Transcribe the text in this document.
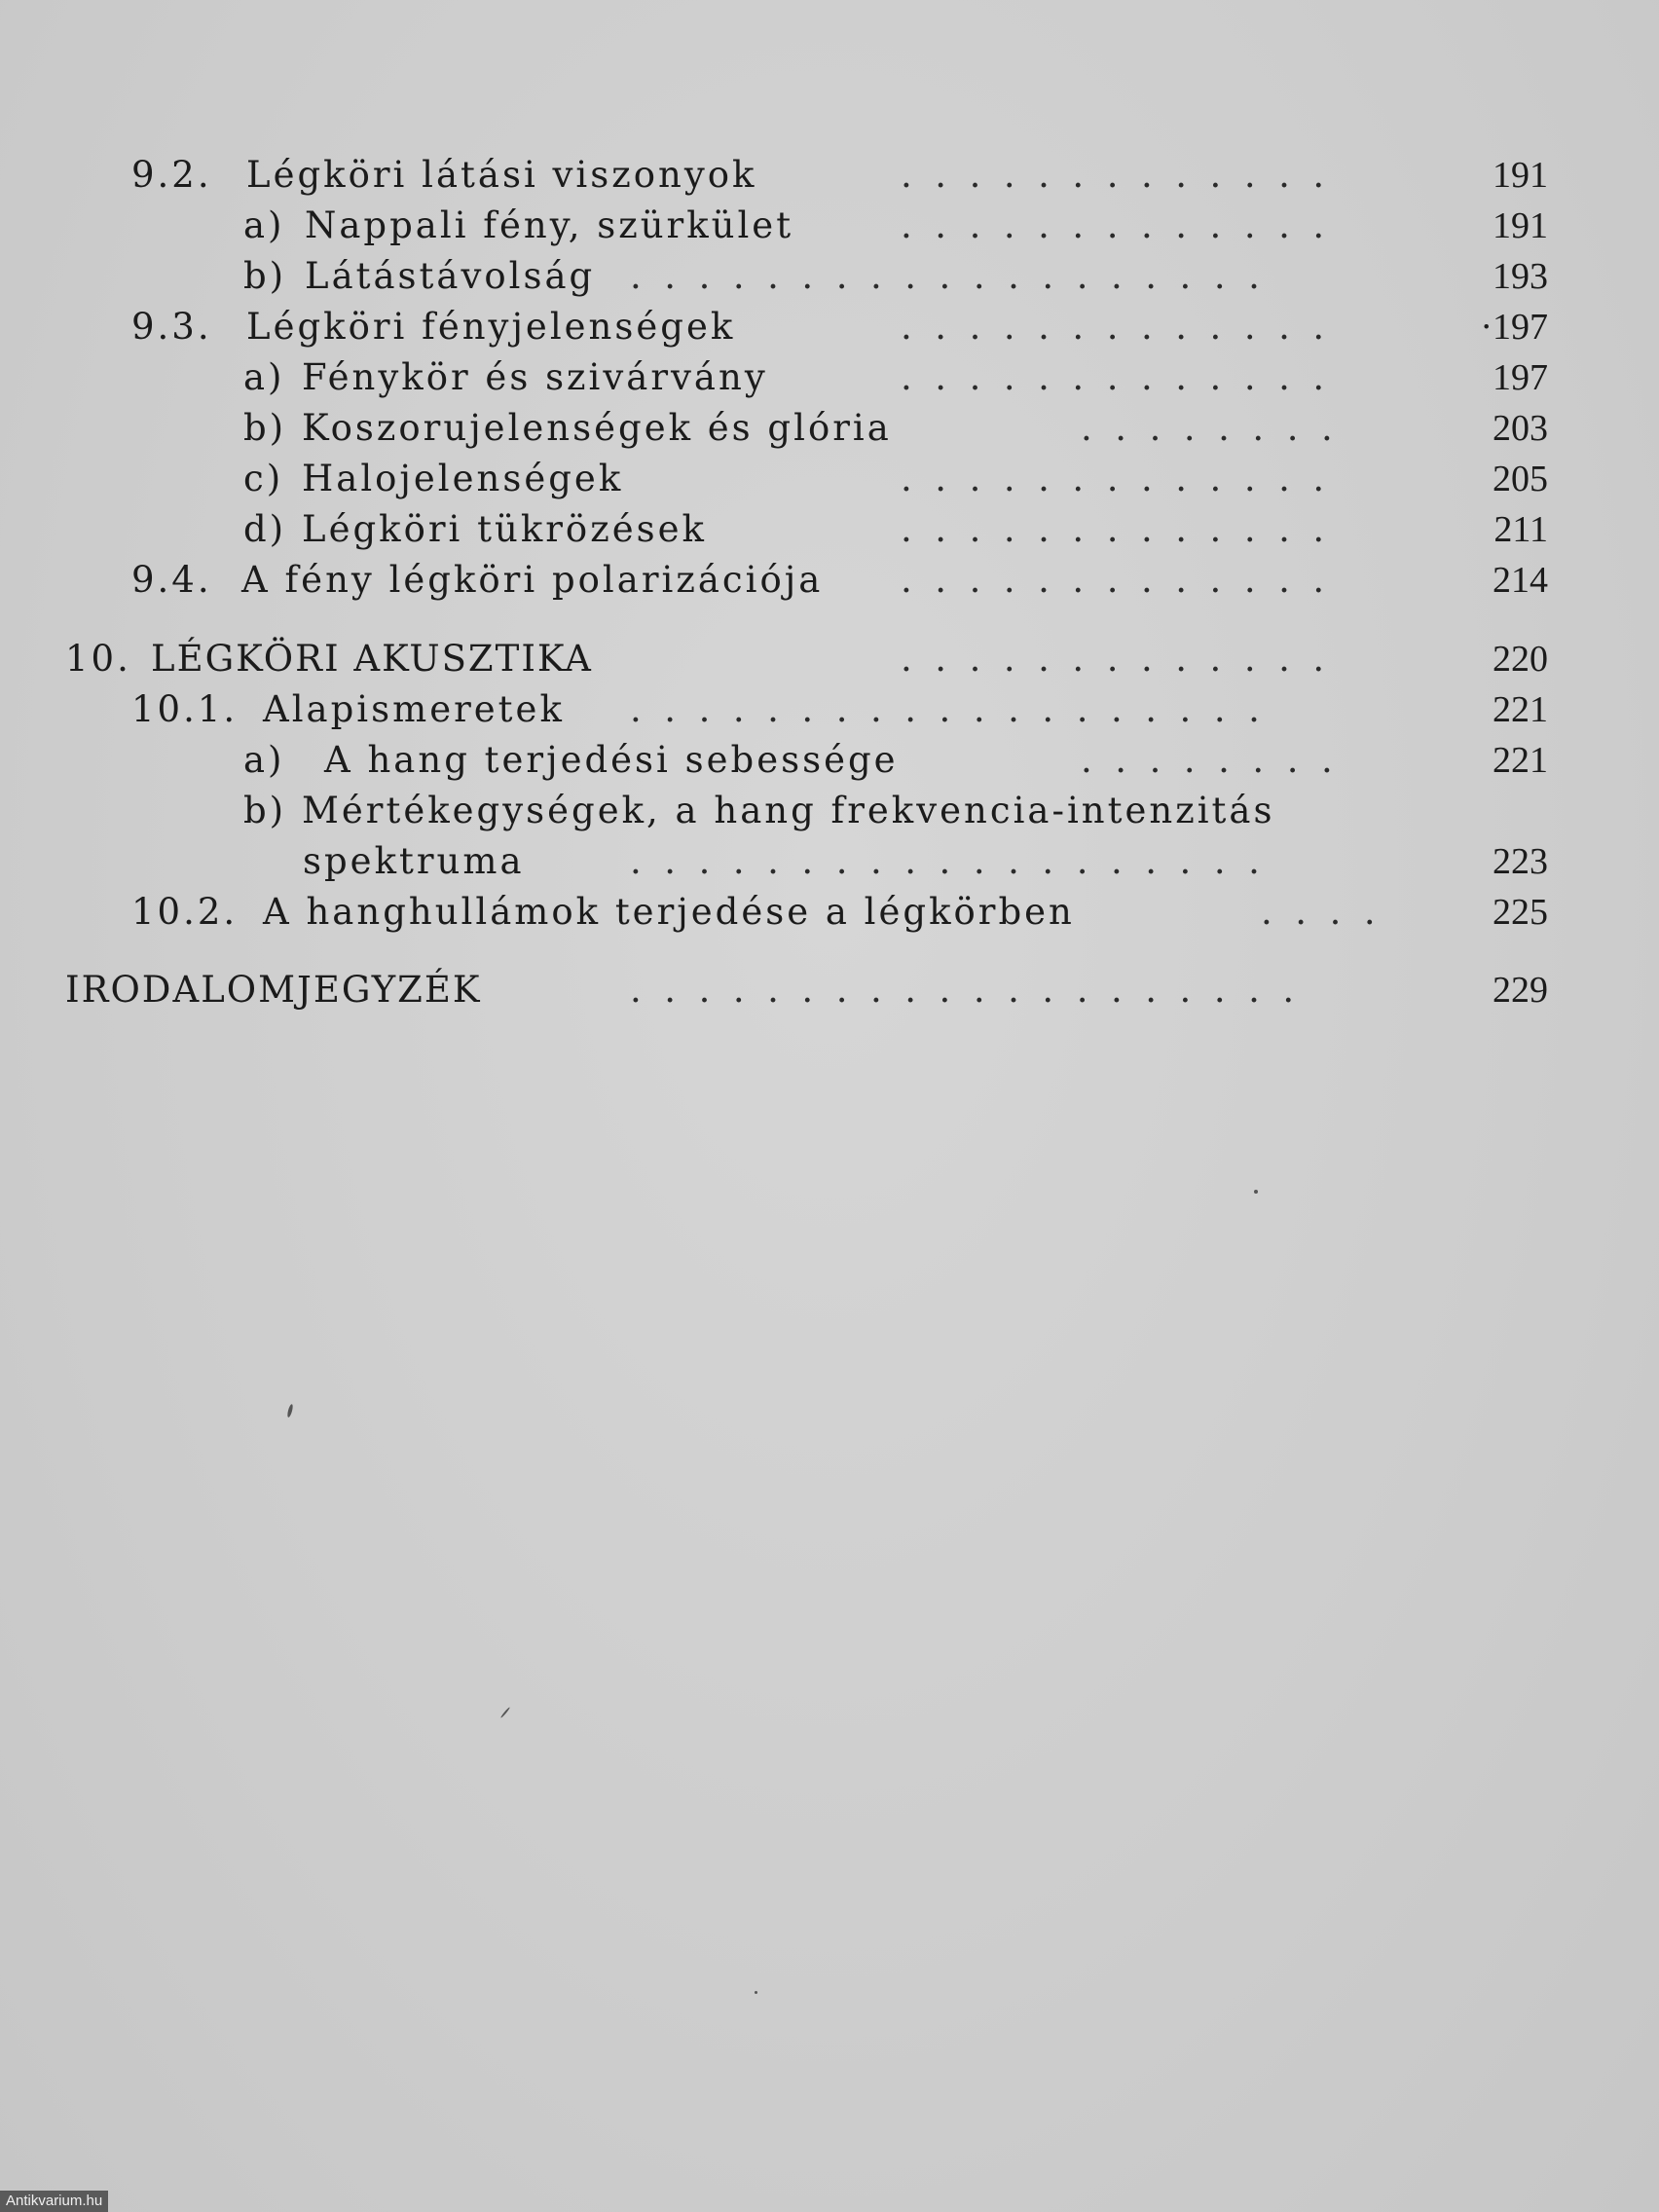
9.2. Légköri látási viszonyok	.  .  .  .  .  .  .  .  .  .  .  .  .	191
a) Nappali fény, szürkület	.  .  .  .  .  .  .  .  .  .  .  .  .	191
b) Látástávolság .  .  .  .  .  .  .  .  .  .  .  .  .  .  .  .  .  .  .	193
9.3. Légköri fényjelenségek	.  .  .  .  .  .  .  .  .  .  .  .  .	·197
a) Fénykör és szivárvány	.  .  .  .  .  .  .  .  .  .  .  .  .	197
b) Koszorujelenségek és glória	.  .  .  .  .  .  .  .	203
c) Halojelenségek	.  .  .  .  .  .  .  .  .  .  .  .  .	205
d) Légköri tükrözések	.  .  .  .  .  .  .  .  .  .  .  .  .	211
9.4. A fény légköri polarizációja .  .  .  .  .  .  .  .  .  .  .  .  .	214
10. LÉGKÖRI AKUSZTIKA	.  .  .  .  .  .  .  .  .  .  .  .  .	220
10.1. Alapismeretek .  .  .  .  .  .  .  .  .  .  .  .  .  .  .  .  .  .  .	221
a) A hang terjedési sebessége	.  .  .  .  .  .  .  .	221
b) Mértékegységek, a hang frekvencia-intenzitás
spektruma	.  .  .  .  .  .  .  .  .  .  .  .  .  .  .  .  .  .  .	223
10.2. A hanghullámok terjedése a légkörben	.  .  .  .	225
IRODALOMJEGYZÉK	.  .  .  .  .  .  .  .  .  .  .  .  .  .  .  .  .  .  .  .	229
Antikvarium.hu
